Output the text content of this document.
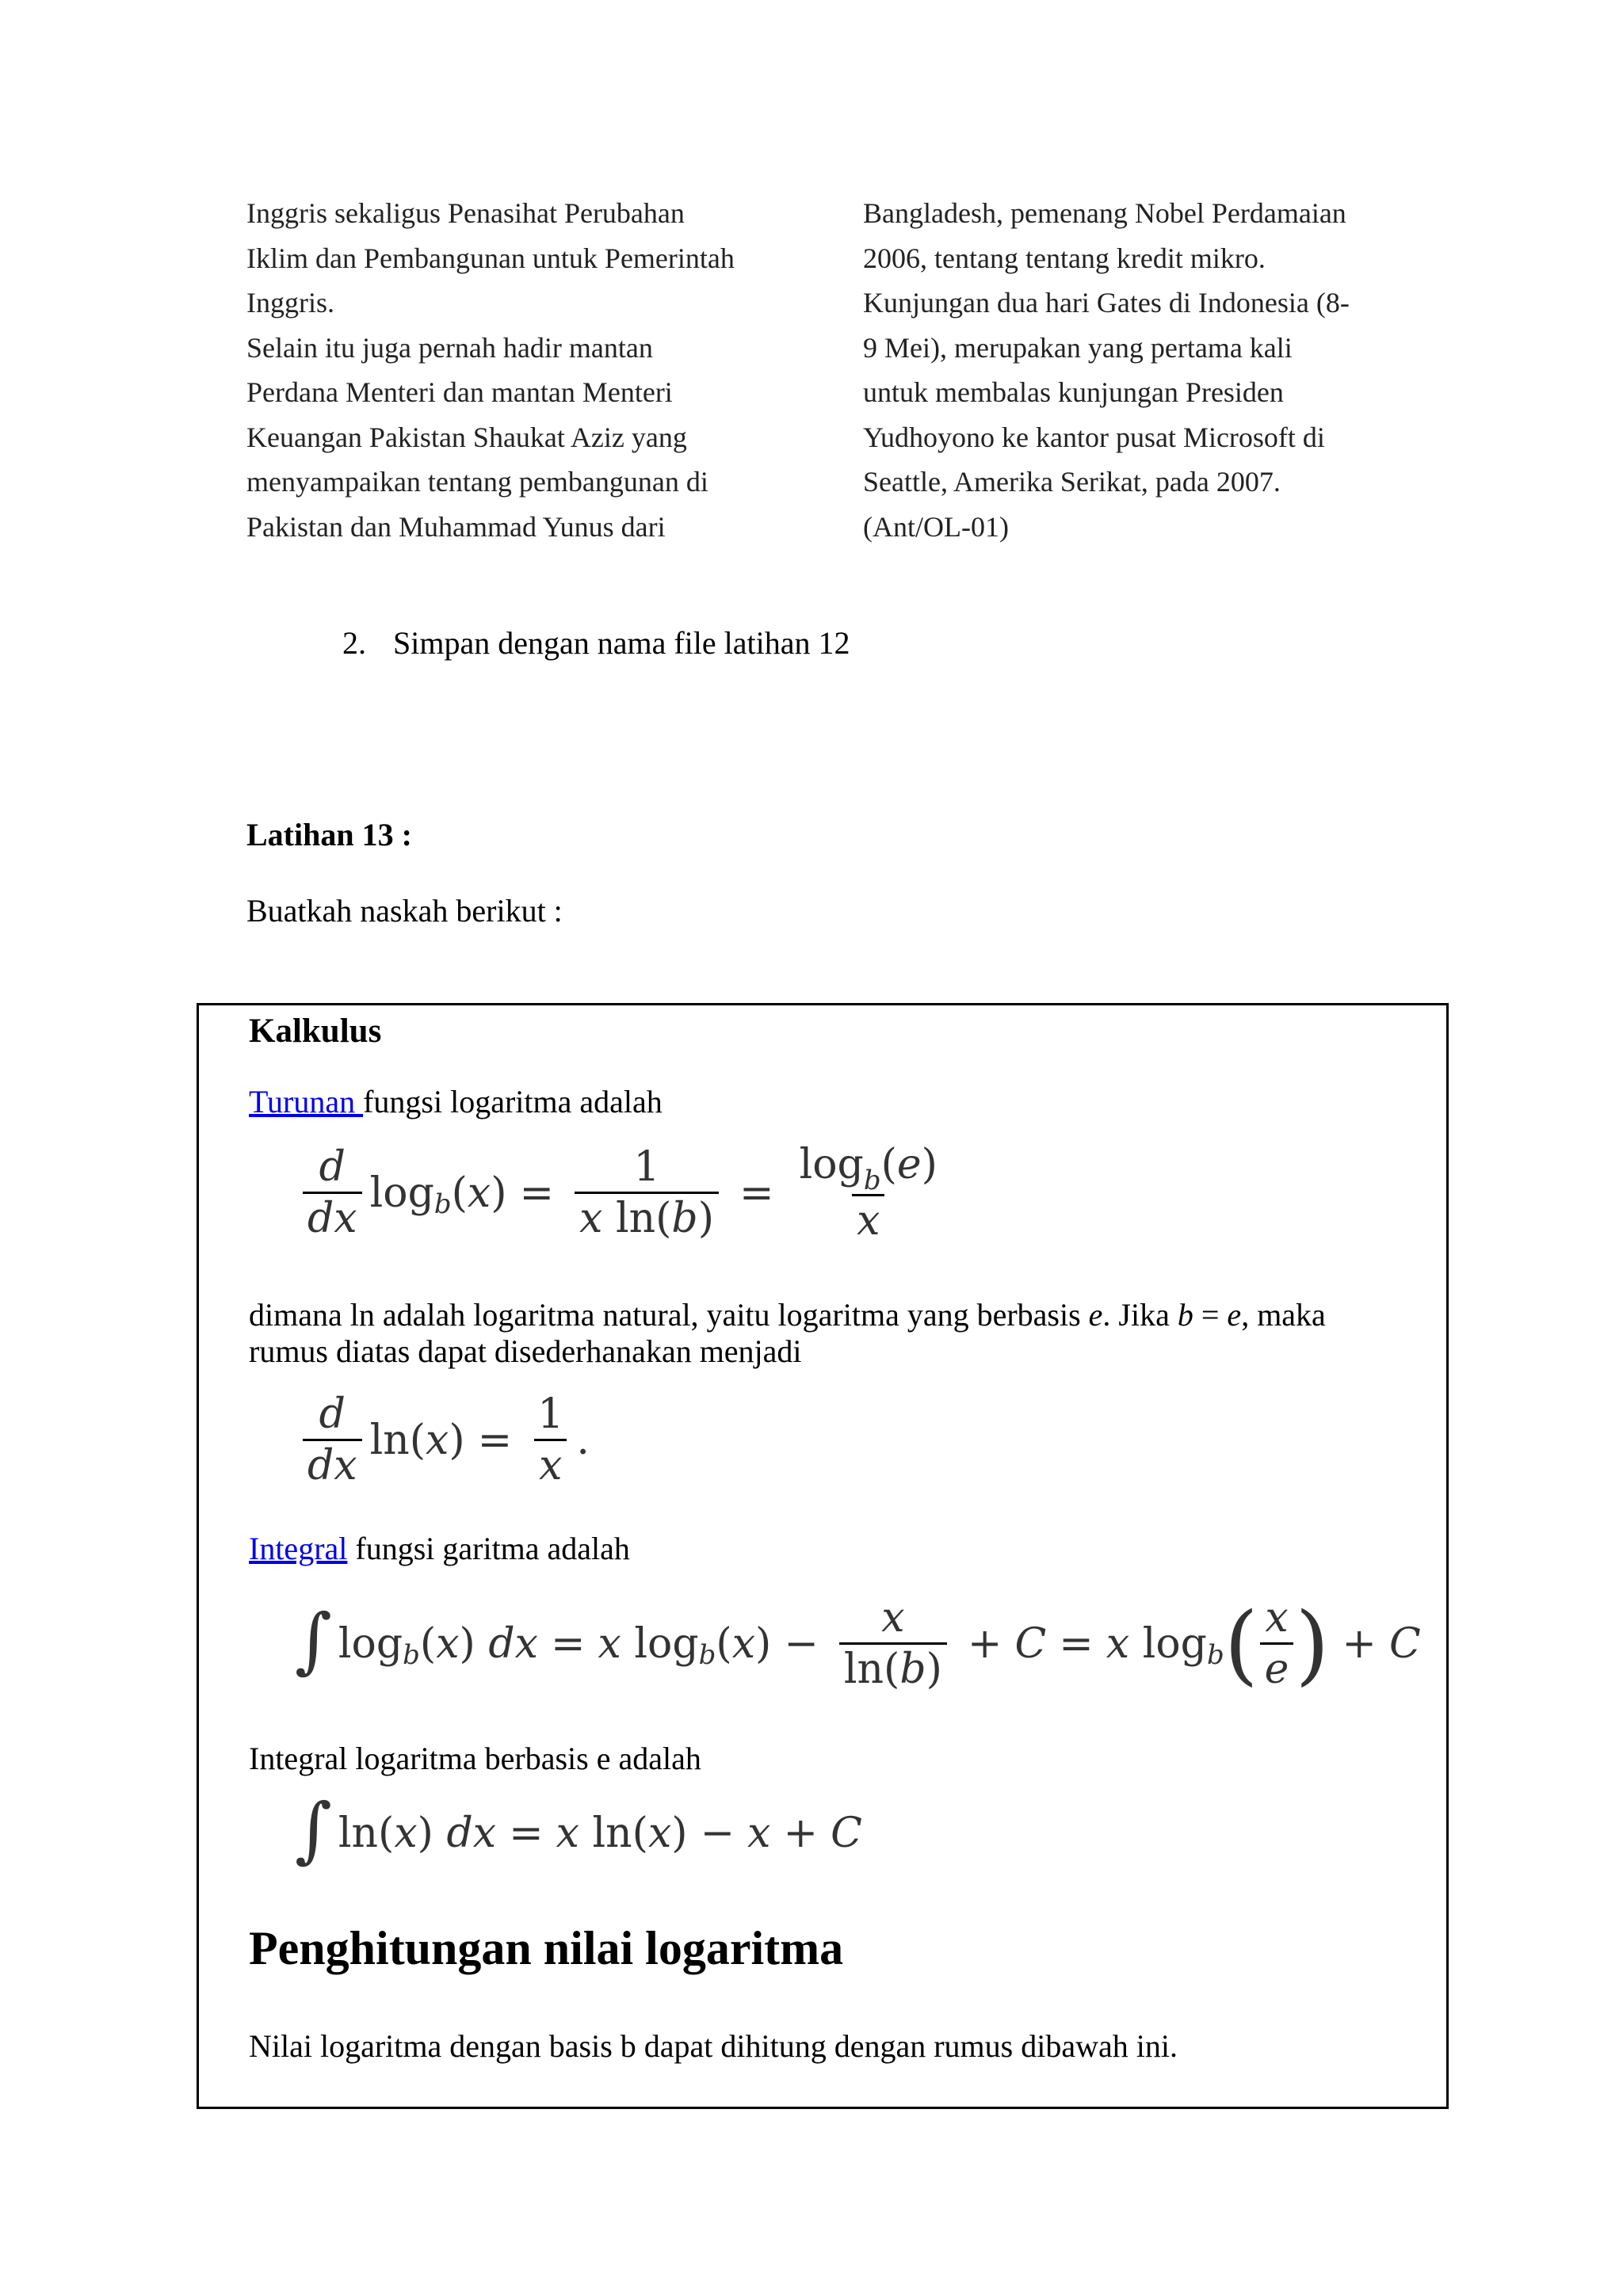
Inggris sekaligus Penasihat Perubahan

Iklim dan Pembangunan untuk Pemerintah

Inggris.

Selain itu juga pernah hadir mantan

Perdana Menteri dan mantan Menteri

Keuangan Pakistan Shaukat Aziz yang

menyampaikan tentang pembangunan di

Pakistan dan Muhammad Yunus dari

Bangladesh, pemenang Nobel Perdamaian

2006, tentang tentang kredit mikro.

Kunjungan dua hari Gates di Indonesia (8-

9 Mei), merupakan yang pertama kali

untuk membalas kunjungan Presiden

Yudhoyono ke kantor pusat Microsoft di

Seattle, Amerika Serikat, pada 2007.

(Ant/OL-01)

2. Simpan dengan nama file latihan 12
Latihan 13 :
Buatkah naskah berikut :
Kalkulus
Turunan fungsi logaritma adalah
$\frac{d}{dx}$ log b ( x ) = $\frac{1}{\text{x ln(b)}} = \frac{\log_b(e)}{x}$
dimana ln adalah logaritma natural, yaitu logaritma yang berbasis e. Jika b = e, maka
rumus diatas dapat disederhanakan menjadi
$\frac{d}{dx}$ ln ( x ) = $\frac{1}{x}$ .
Integral fungsi garitma adalah
∫ log b ( x )
dx = x
log b ( x ) − $\frac{x}{\ln(b)} + C = x$
log b ( $\frac{x}{e}$ ) + C
Integral logaritma berbasis e adalah
∫ ln ( x )
dx = x
ln ( x ) − x + C
Penghitungan nilai logaritma
Nilai logaritma dengan basis b dapat dihitung dengan rumus dibawah ini.
